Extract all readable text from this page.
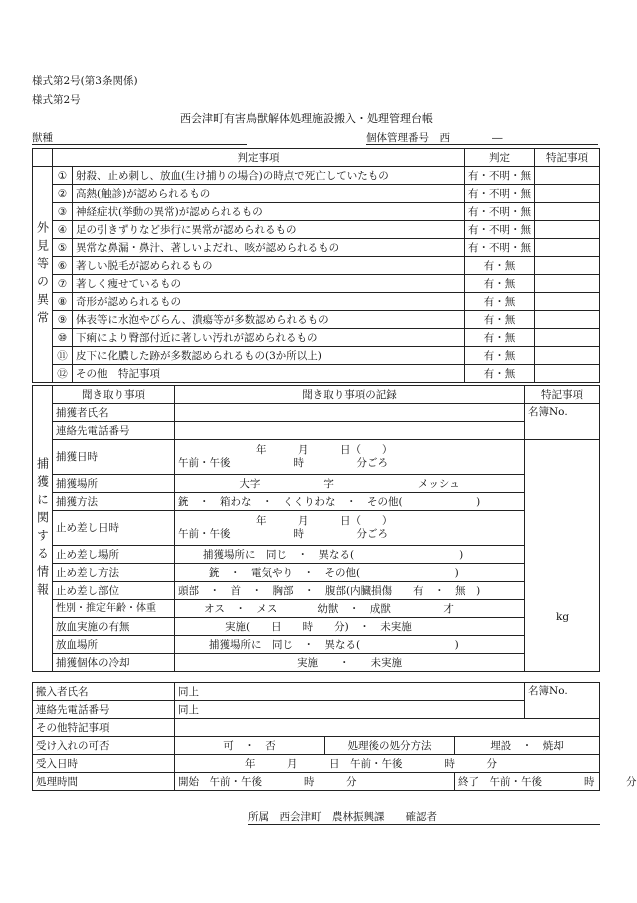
様式第2号(第3条関係)
様式第2号
西会津町有害鳥獣解体処理施設搬入・処理管理台帳
獣種	個体管理番号　西　　　　―
	判定事項		判定	特記事項
外見等の異常	①	射殺、止め刺し、放血(生け捕りの場合)の時点で死亡していたもの	有・不明・無	
	②	高熱(触診)が認められるもの	有・不明・無	
	③	神経症状(挙動の異常)が認められるもの	有・不明・無	
	④	足の引きずりなど歩行に異常が認められるもの	有・不明・無	
	⑤	異常な鼻漏・鼻汁、著しいよだれ、咳が認められるもの	有・不明・無	
	⑥	著しい脱毛が認められるもの	有・無	
	⑦	著しく痩せているもの	有・無	
	⑧	奇形が認められるもの	有・無	
	⑨	体表等に水泡やびらん、潰瘍等が多数認められるもの	有・無	
	⑩	下痢により臀部付近に著しい汚れが認められるもの	有・無	
	⑪	皮下に化膿した跡が多数認められるもの(3か所以上)	有・無	
	⑫	その他　特記事項	有・無	
捕獲に関する情報	聞き取り事項	聞き取り事項の記録	特記事項	
	捕獲者氏名		名簿No.	
	連絡先電話番号			
	捕獲日時	年　　　月　　　日（　　）
午前・午後　　　　　　時　　　　　分ごろ		

	捕獲場所	大字　　　　　　字　　　　　　　　メッシュ		
	捕獲方法	銃　・　箱わな　・　くくりわな　・　その他(　　　　　　　)		
	止め差し日時	年　　　月　　　日（　　）
午前・午後　　　　　　時　　　　　分ごろ		

	止め差し場所	捕獲場所に　同じ　・　異なる(　　　　　　　　　　)		
	止め差し方法	銃　・　電気やり　・　その他(　　　　　　　　　)		
	止め差し部位	頭部　・　首　・　胸部　・　腹部(内臓損傷　　有　・　無　)		
	性別・推定年齢・体重	オス　・　メス 幼獣　・　成獣　　　　　才		
	放血実施の有無	実施(　　日　　時　　分)　・　未実施		
	放血場所	捕獲場所に　同じ　・　異なる(　　　　　　　　　)		
	捕獲個体の冷却	実施　　・　　未実施	
kg
搬入者氏名	同上			名簿No.
連絡先電話番号	同上			
その他特記事項				
受け入れの可否	可　・　否	処理後の処分方法	埋設　・　焼却	
受入日時	年　　　月　　　日　午前・午後　　　　時　　　分			
処理時間	開始　午前・午後　　　　時　　　分		終了　午前・午後　　　　時　　　分	
所属　西会津町　農林振興課　　確認者
